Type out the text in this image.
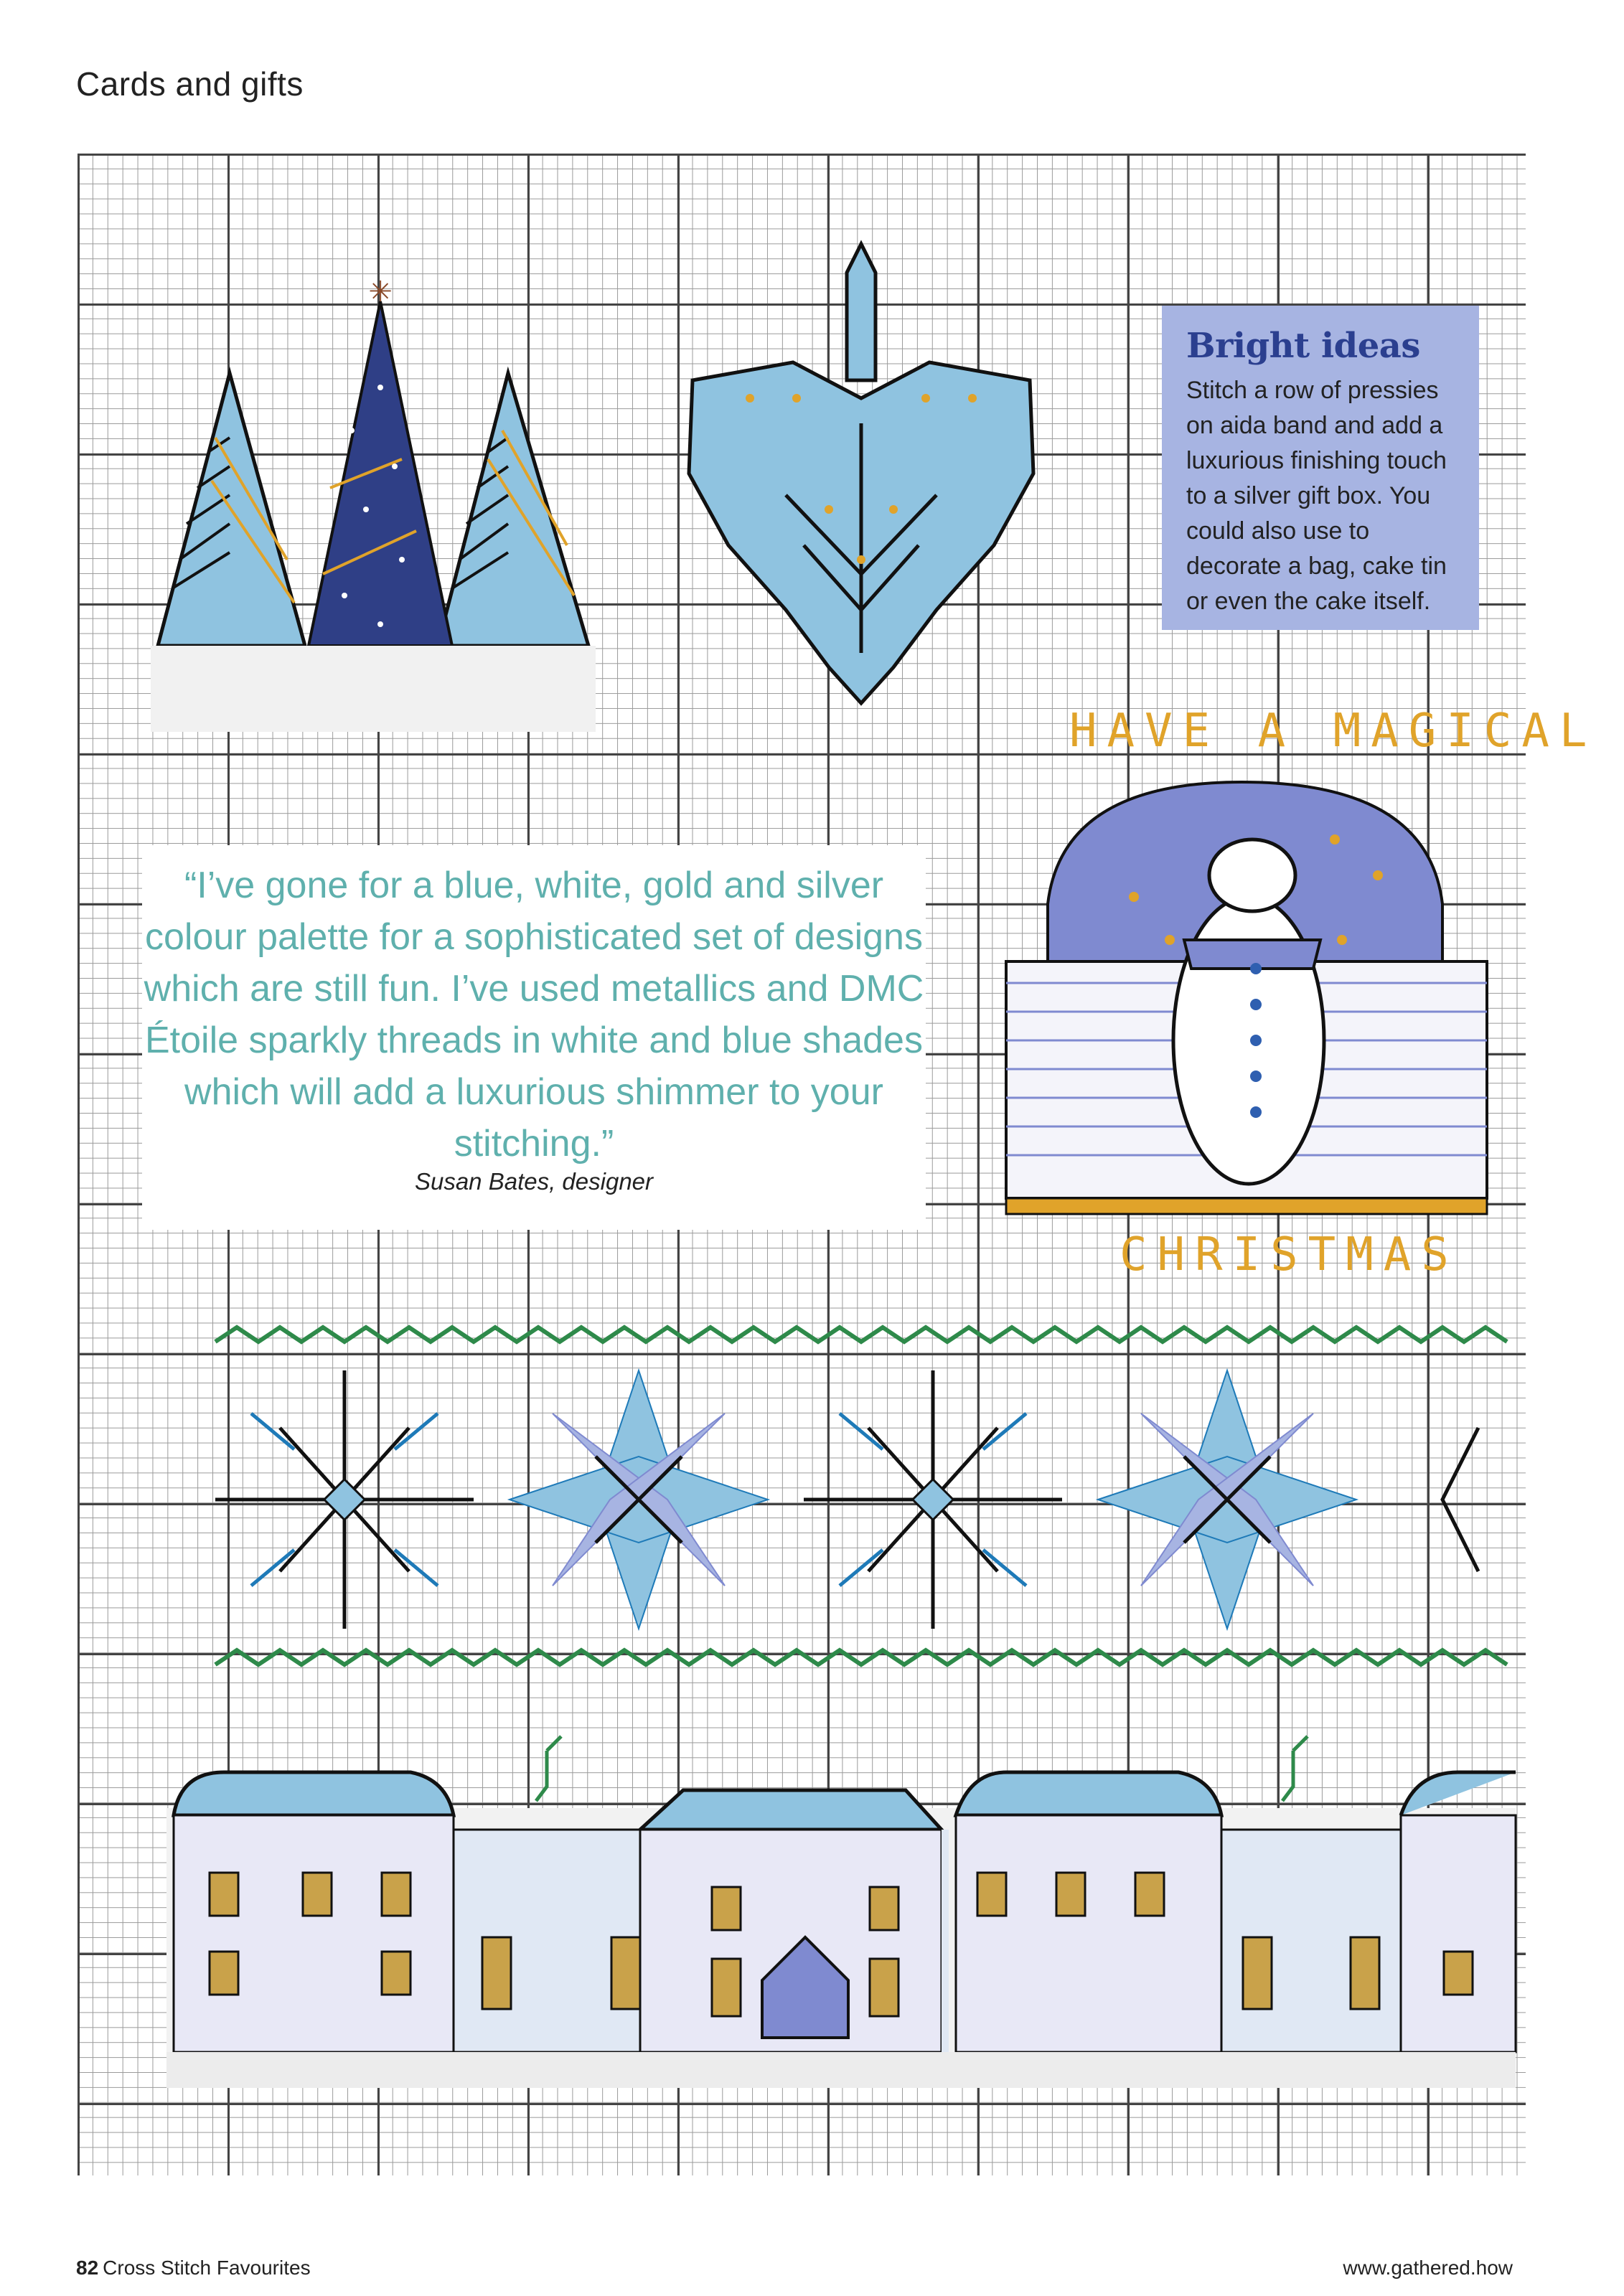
Cards and gifts
✳
HAVE A MAGICAL
CHRISTMAS
“I’ve gone for a blue, white, gold and silver colour palette for a sophisticated set of designs which are still fun. I’ve used metallics and DMC Étoile sparkly threads in white and blue shades which will add a luxurious shimmer to your stitching.”
Susan Bates, designer
Bright ideas
Stitch a row of pressies on aida band and add a luxurious finishing touch to a silver gift box. You could also use to decorate a bag, cake tin or even the cake itself.
82 Cross Stitch Favourites	www.gathered.how
